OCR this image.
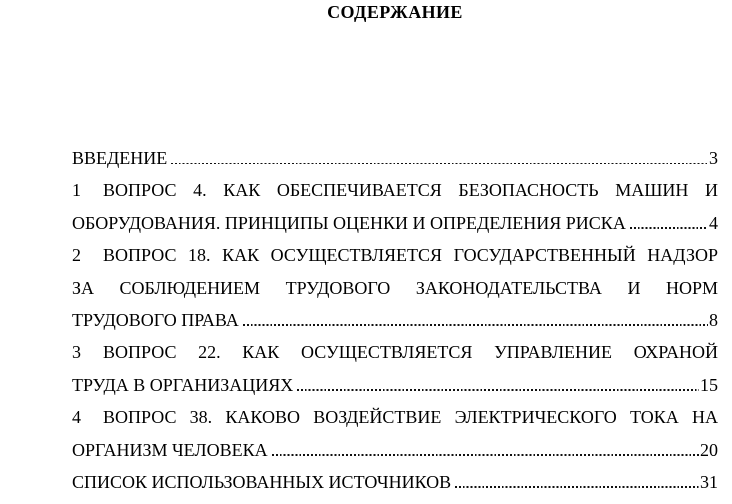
СОДЕРЖАНИЕ
ВВЕДЕНИЕ	3
1 ВОПРОС 4. КАК ОБЕСПЕЧИВАЕТСЯ БЕЗОПАСНОСТЬ МАШИН И
ОБОРУДОВАНИЯ. ПРИНЦИПЫ ОЦЕНКИ И ОПРЕДЕЛЕНИЯ РИСКА	4
2 ВОПРОС 18. КАК ОСУЩЕСТВЛЯЕТСЯ ГОСУДАРСТВЕННЫЙ НАДЗОР
ЗА СОБЛЮДЕНИЕМ ТРУДОВОГО ЗАКОНОДАТЕЛЬСТВА И НОРМ
ТРУДОВОГО ПРАВА	8
3 ВОПРОС 22. КАК ОСУЩЕСТВЛЯЕТСЯ УПРАВЛЕНИЕ ОХРАНОЙ
ТРУДА В ОРГАНИЗАЦИЯХ	15
4 ВОПРОС 38. КАКОВО ВОЗДЕЙСТВИЕ ЭЛЕКТРИЧЕСКОГО ТОКА НА
ОРГАНИЗМ ЧЕЛОВЕКА	20
СПИСОК ИСПОЛЬЗОВАННЫХ ИСТОЧНИКОВ	31
